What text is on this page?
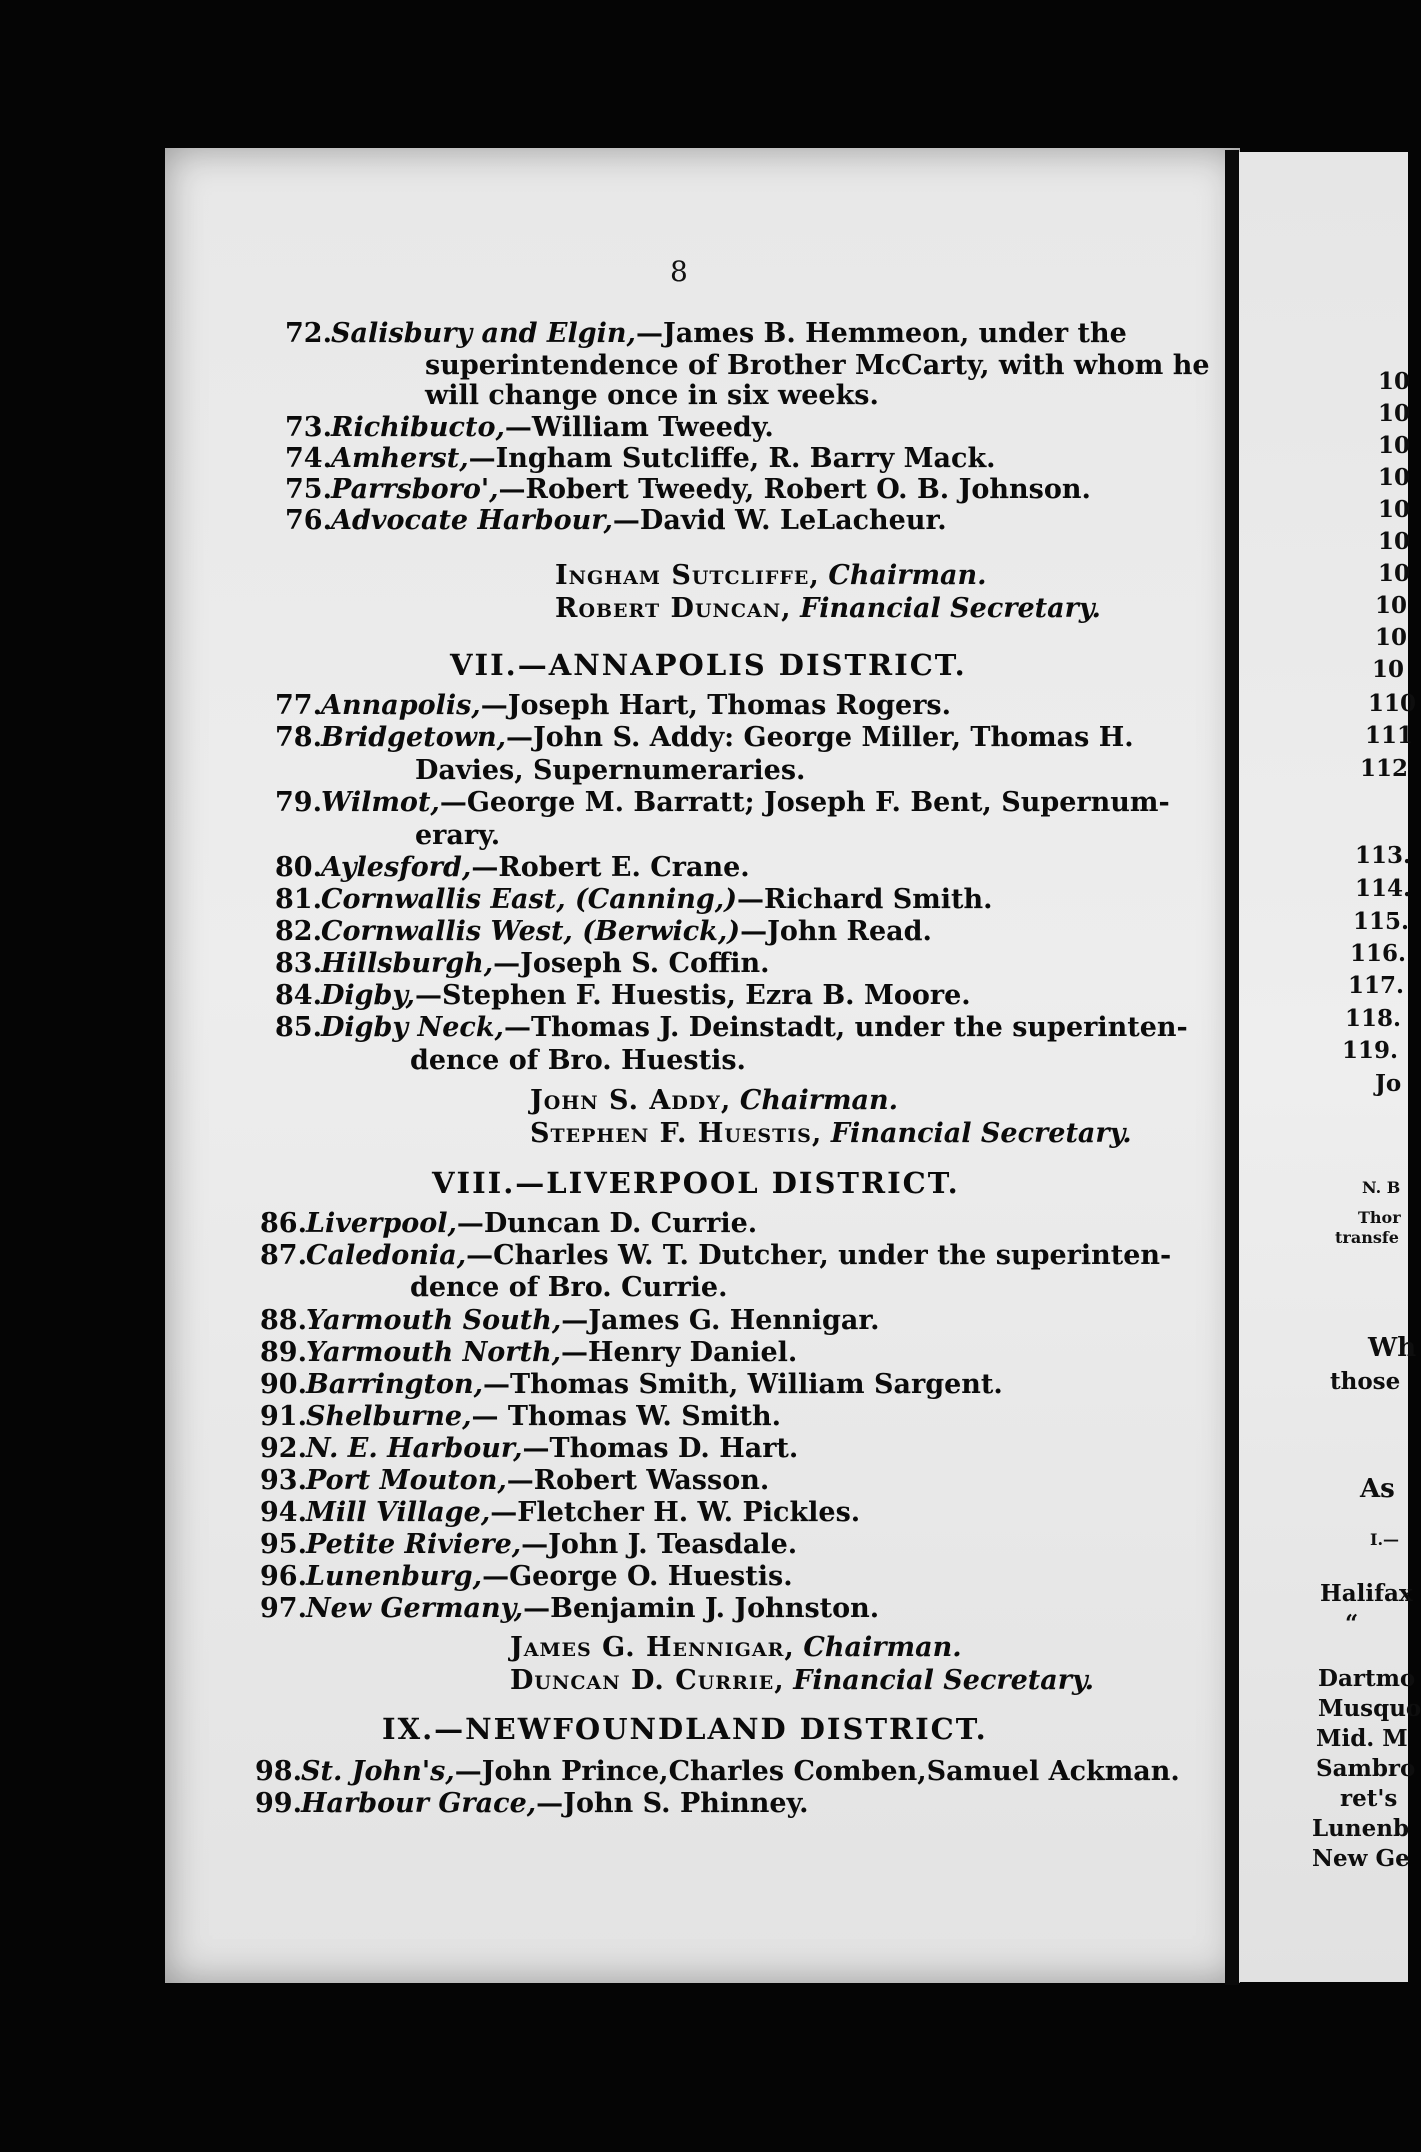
8
72.Salisbury and Elgin,—James B. Hemmeon, under the
superintendence of Brother McCarty, with whom he
will change once in six weeks.
73.Richibucto,—William Tweedy.
74.Amherst,—Ingham Sutcliffe, R. Barry Mack.
75.Parrsboro',—Robert Tweedy, Robert O. B. Johnson.
76.Advocate Harbour,—David W. LeLacheur.
Ingham Sutcliffe, Chairman.
Robert Duncan, Financial Secretary.
VII.—ANNAPOLIS DISTRICT.
77.Annapolis,—Joseph Hart, Thomas Rogers.
78.Bridgetown,—John S. Addy: George Miller, Thomas H.
Davies, Supernumeraries.
79.Wilmot,—George M. Barratt; Joseph F. Bent, Supernum-
erary.
80.Aylesford,—Robert E. Crane.
81.Cornwallis East, (Canning,)—Richard Smith.
82.Cornwallis West, (Berwick,)—John Read.
83.Hillsburgh,—Joseph S. Coffin.
84.Digby,—Stephen F. Huestis, Ezra B. Moore.
85.Digby Neck,—Thomas J. Deinstadt, under the superinten-
dence of Bro. Huestis.
John S. Addy, Chairman.
Stephen F. Huestis, Financial Secretary.
VIII.—LIVERPOOL DISTRICT.
86.Liverpool,—Duncan D. Currie.
87.Caledonia,—Charles W. T. Dutcher, under the superinten-
dence of Bro. Currie.
88.Yarmouth South,—James G. Hennigar.
89.Yarmouth North,—Henry Daniel.
90.Barrington,—Thomas Smith, William Sargent.
91.Shelburne,— Thomas W. Smith.
92.N. E. Harbour,—Thomas D. Hart.
93.Port Mouton,—Robert Wasson.
94.Mill Village,—Fletcher H. W. Pickles.
95.Petite Riviere,—John J. Teasdale.
96.Lunenburg,—George O. Huestis.
97.New Germany,—Benjamin J. Johnston.
James G. Hennigar, Chairman.
Duncan D. Currie, Financial Secretary.
IX.—NEWFOUNDLAND DISTRICT.
98.St. John's,—John Prince,Charles Comben,Samuel Ackman.
99.Harbour Grace,—John S. Phinney.
10
10
10
10
10
10
10
10
10
10
110
111
112
113.
114.
115.
116.
117.
118.
119.
Jo
N. B
Thor
transfe
Wh
those
As
I.—
Halifax
“
Dartmo
Musquo
Mid. M
Sambro
ret's
Lunenb
New Ge
